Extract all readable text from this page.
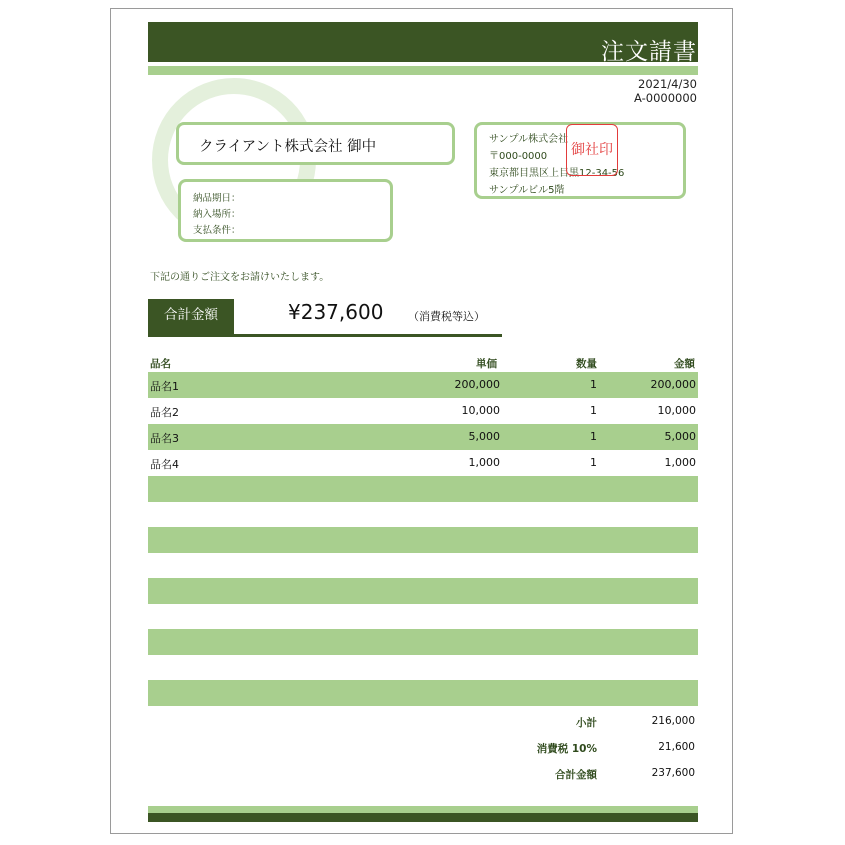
注文請書
2021/4/30
A-0000000
クライアント株式会社 御中
納品期日：
納入場所：
支払条件：
サンプル株式会社
〒000-0000
東京都目黒区上目黒12-34-56
サンプルビル5階
御社印
下記の通りご注文をお請けいたします。
合計金額	¥237,600 （消費税等込）
品名	単価	数量	金額
品名1	200,000	1	200,000
品名2	10,000	1	10,000
品名3	5,000	1	5,000
品名4	1,000	1	1,000
小計	216,000
消費税 10%	21,600
合計金額	237,600
